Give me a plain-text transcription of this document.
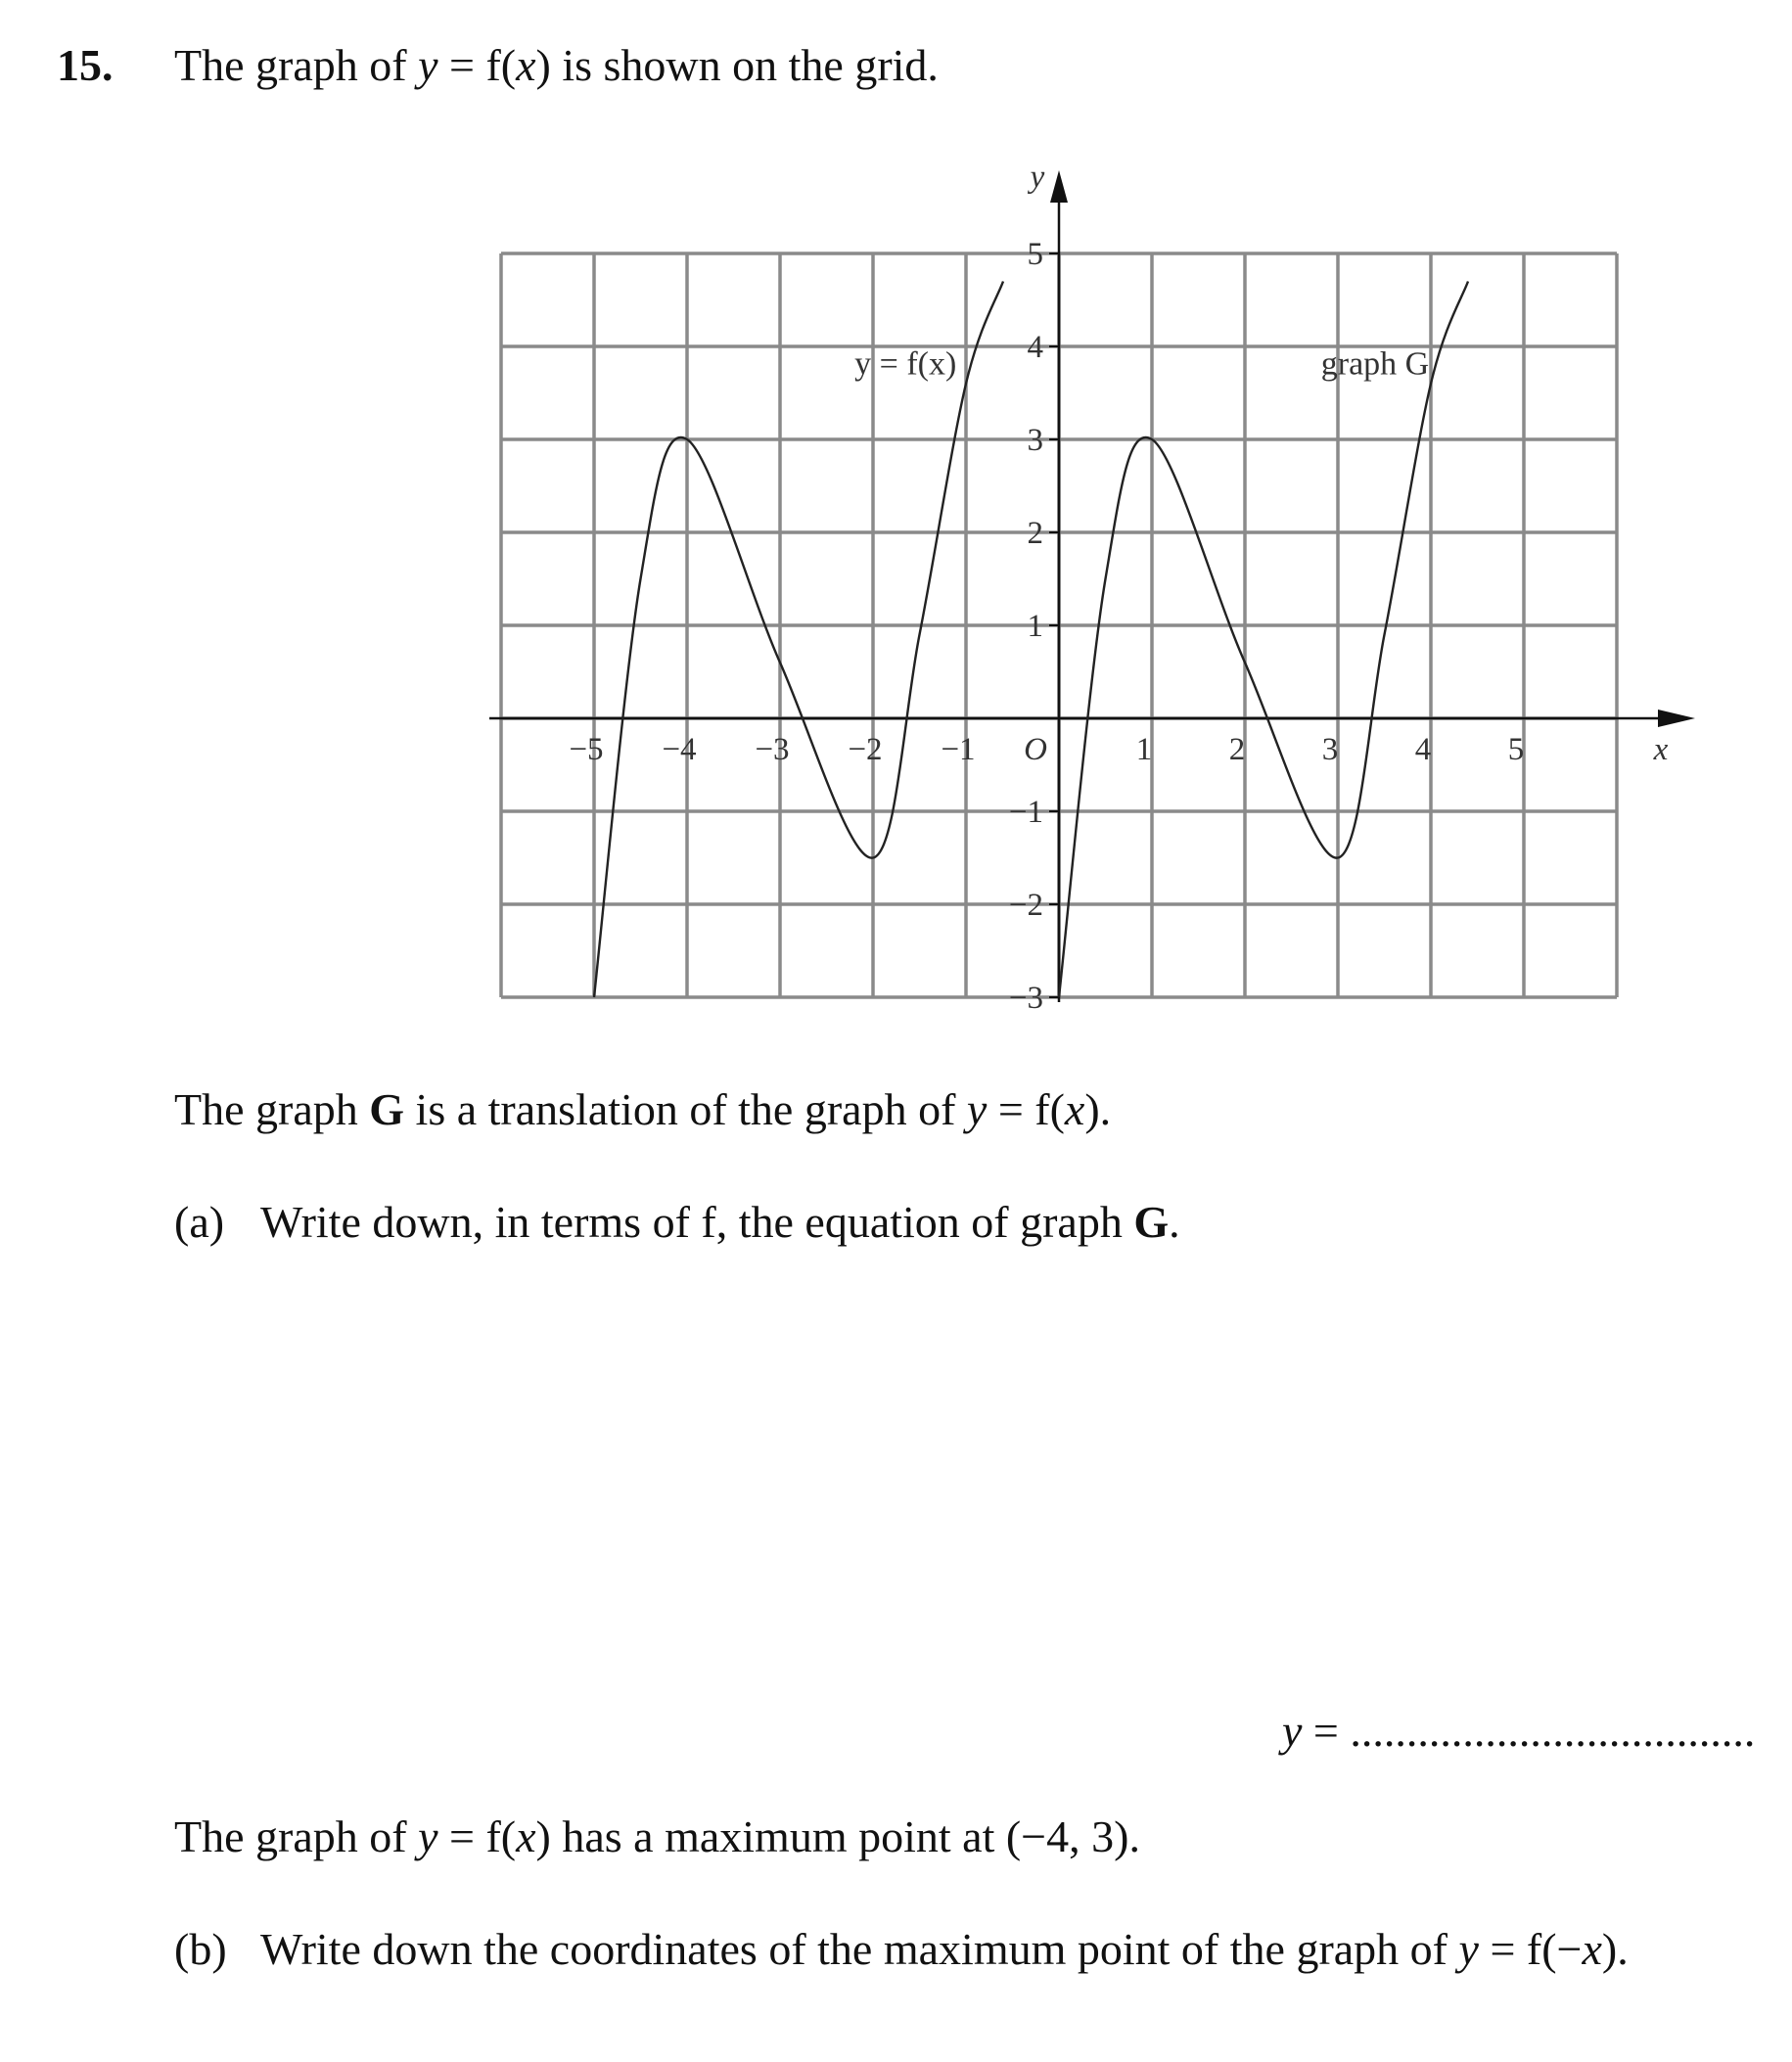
15. The graph of y = f(x) is shown on the grid.
x
y
O
−5 −4 −3 −2 −1	1 2 3 4 5
5
4
3
2
1
−1
−2
−3
y = f(x)	graph G
The graph G is a translation of the graph of y = f(x).
(a) Write down, in terms of f, the equation of graph G.
y = ....................................
The graph of y = f(x) has a maximum point at (−4, 3).
(b) Write down the coordinates of the maximum point of the graph of y = f(−x).
